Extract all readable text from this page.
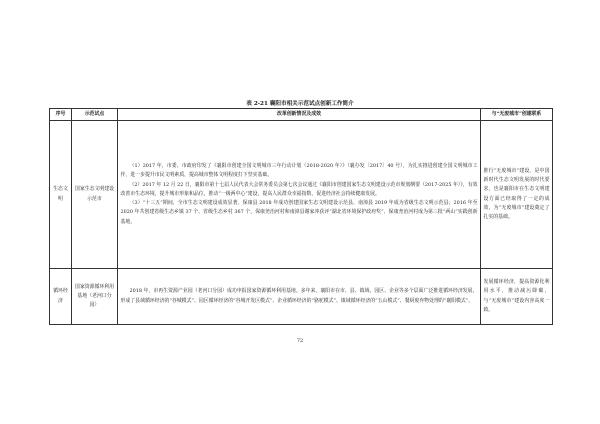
表 2-21 襄阳市相关示范试点创新工作简介
序号	示范试点	改革创新情况及成效	与“无废城市”创建联系
生态文明	国家生态文明建设示范市	（1）2017 年，市委、市政府印发了《襄阳市创建全国文明城市三年行动计划（2018-2020 年）》（襄办发〔2017〕40 号），为扎实推进创建全国文明城市工作，进一步提升市民文明素质，提高城市整体文明程度打下坚实基础。

（2）2017 年 12 月 22 日，襄阳市第十七届人民代表大会常务委员会第七次会议通过《襄阳市创建国家生态文明建设示范市规划纲要（2017-2025 年）》，有效改善市生态环境，提升城市形象和品位，推动“一极两中心”建设，提高人民群众幸福指数，促进经济社会持续健康发展。

（3）“十三五”期间，全市生态文明建设成效显著，保康县 2018 年成功创建国家生态文明建设示范县，南漳县 2019 年成为省级生态文明示范县；2016 年至 2020 年共创建省级生态乡镇 37 个、省级生态乡村 367 个，保康尧治河村和南漳县谢家冲获评“湖北省环境保护政府奖”，保康尧治河村成为第三批“两山”实践创新基地。	推行“无废城市”建设，是中国新时代生态文明发展的时代要求，也是襄阳市在生态文明建设方面已经取得了一定的成效，为“无废城市”建设奠定了扎实的基础。
循环经济	国家资源循环利用基地（老河口分园）	2018 年，市再生资源产业园（老河口分园）成功申报国家资源循环利用基地。多年来，襄阳市在市、县、镇域、园区、企业等多个层面广泛推进循环经济发展，形成了县域循环经济的“谷城模式”、园区循环经济的“谷城开发区模式”、企业循环经济的“骆驼模式”、镇域循环经济的“五山模式”、餐厨废弃物处理的“襄阳模式”。	发展循环经济，提高资源化利用水平，推动减污降碳，与“无废城市”建设内容高度一致。
72
